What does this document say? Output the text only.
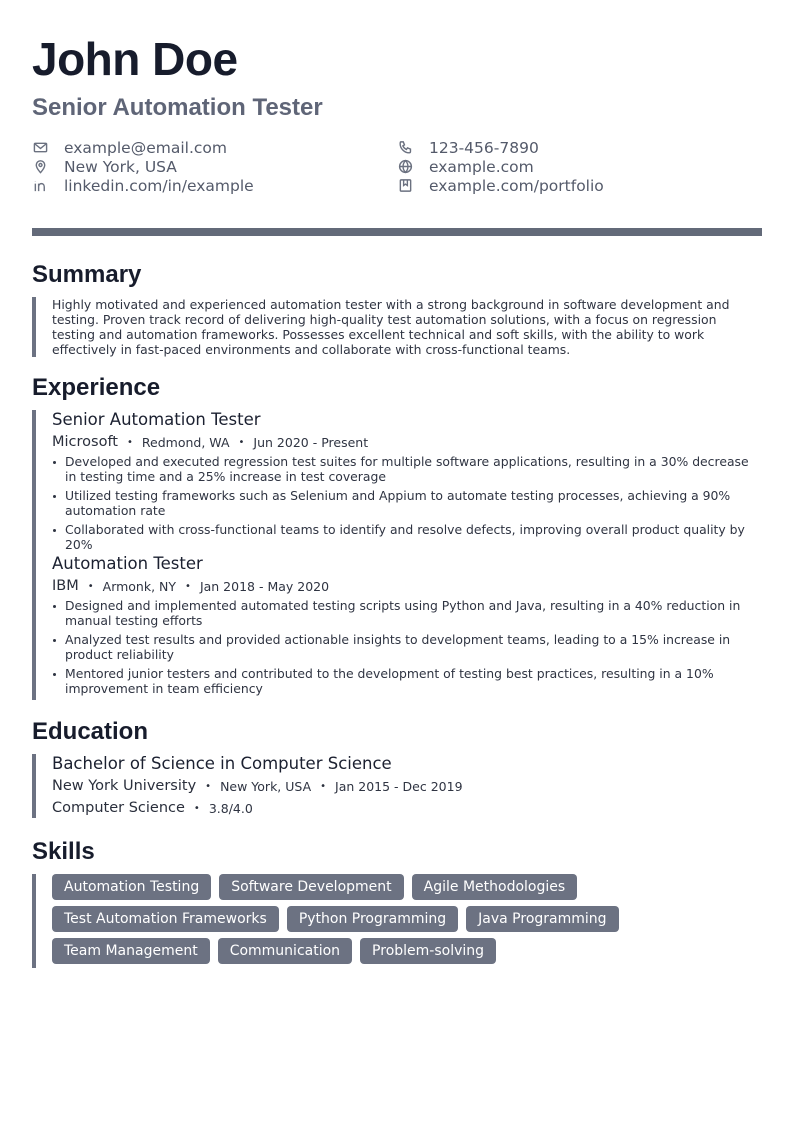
John Doe
Senior Automation Tester
example@email.com	123-456-7890
New York, USA	example.com
linkedin.com/in/example	example.com/portfolio
Summary

Highly motivated and experienced automation tester with a strong background in software development and testing. Proven track record of delivering high-quality test automation solutions, with a focus on regression testing and automation frameworks. Possesses excellent technical and soft skills, with the ability to work effectively in fast-paced environments and collaborate with cross-functional teams.

Experience

Senior Automation Tester

Microsoft • Redmond, WA • Jun 2020 - Present
Developed and executed regression test suites for multiple software applications, resulting in a 30% decrease in testing time and a 25% increase in test coverage
Utilized testing frameworks such as Selenium and Appium to automate testing processes, achieving a 90% automation rate
Collaborated with cross-functional teams to identify and resolve defects, improving overall product quality by 20%

Automation Tester

IBM • Armonk, NY • Jan 2018 - May 2020
Designed and implemented automated testing scripts using Python and Java, resulting in a 40% reduction in manual testing efforts
Analyzed test results and provided actionable insights to development teams, leading to a 15% increase in product reliability
Mentored junior testers and contributed to the development of testing best practices, resulting in a 10% improvement in team efficiency
Education

Bachelor of Science in Computer Science

New York University • New York, USA • Jan 2015 - Dec 2019
Computer Science • 3.8/4.0
Skills
Automation Testing	Software Development	Agile Methodologies
Test Automation Frameworks	Python Programming	Java Programming
Team Management	Communication	Problem-solving
